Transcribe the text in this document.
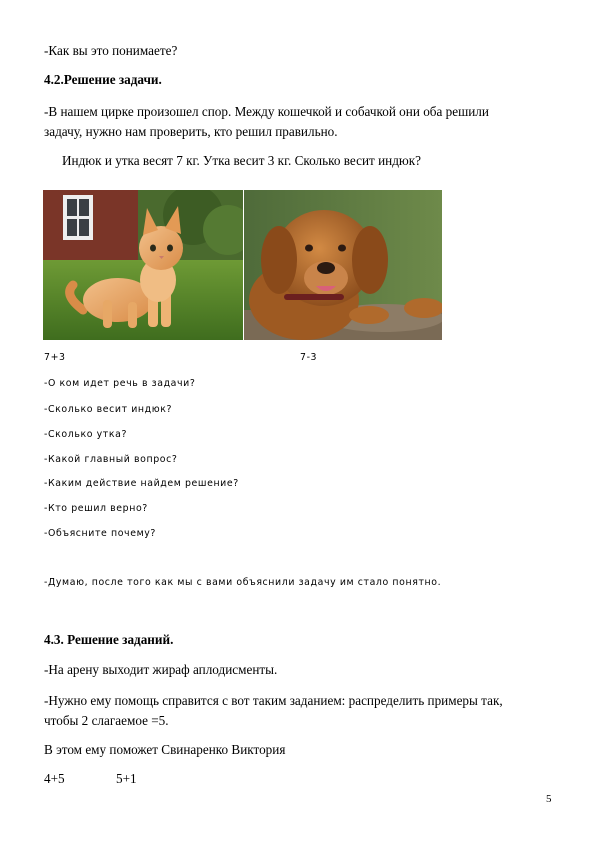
-Как вы это понимаете?
4.2.Решение задачи.
-В нашем цирке произошел спор. Между кошечкой и собачкой они оба решили
задачу, нужно нам проверить, кто решил правильно.
Индюк и утка весят 7 кг. Утка весит 3 кг. Сколько весит индюк?
7+3	7-3
-О ком идет речь в задачи?
-Сколько весит индюк?
-Сколько утка?
-Какой главный вопрос?
-Каким действие найдем решение?
-Кто решил верно?
-Объясните почему?
-Думаю, после того как мы с вами объяснили задачу им стало понятно.
4.3. Решение заданий.
-На арену выходит жираф аплодисменты.
-Нужно ему помощь справится с вот таким заданием: распределить примеры так,
чтобы 2 слагаемое =5.
В этом ему поможет Свинаренко Виктория
4+5	5+1
5
